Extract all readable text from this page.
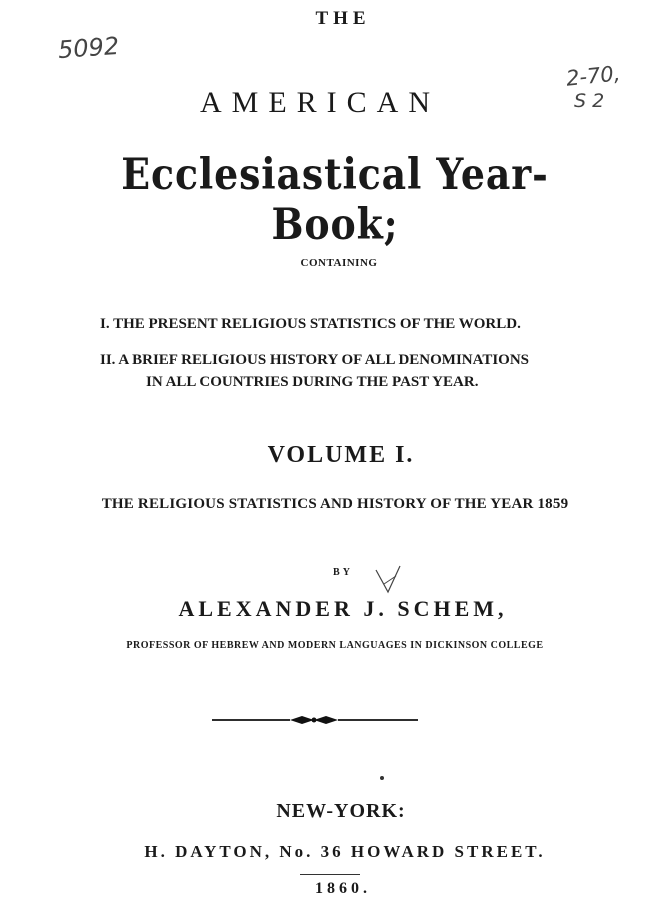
5092
2-70,
S 2
THE
AMERICAN
Ecclesiastical Year-Book;
CONTAINING
I. THE PRESENT RELIGIOUS STATISTICS OF THE WORLD.
II. A BRIEF RELIGIOUS HISTORY OF ALL DENOMINATIONS
IN ALL COUNTRIES DURING THE PAST YEAR.
VOLUME I.
THE RELIGIOUS STATISTICS AND HISTORY OF THE YEAR 1859
BY
ALEXANDER J. SCHEM,
PROFESSOR OF HEBREW AND MODERN LANGUAGES IN DICKINSON COLLEGE
NEW-YORK:
H. DAYTON, No. 36 HOWARD STREET.
1860.
